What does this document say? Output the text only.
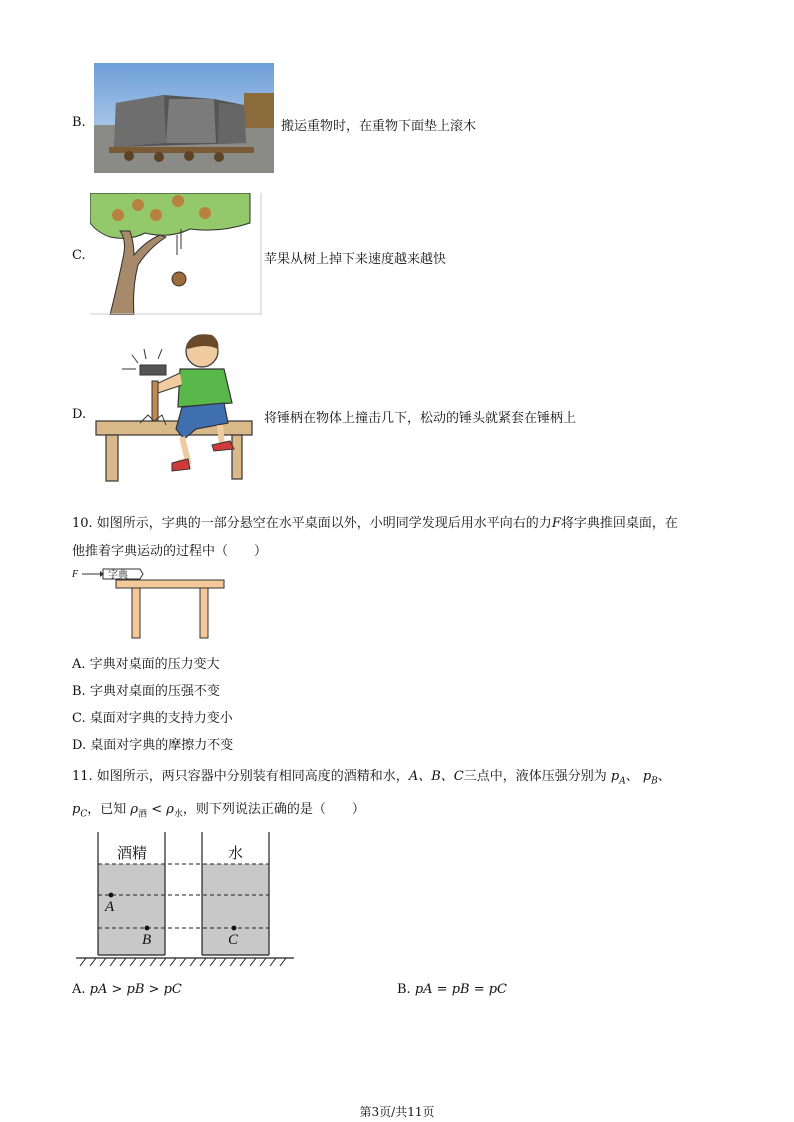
B.	搬运重物时，在重物下面垫上滚木
C.	苹果从树上掉下来速度越来越快
D.	将锤柄在物体上撞击几下，松动的锤头就紧套在锤柄上
10. 如图所示，字典的一部分悬空在水平桌面以外，小明同学发现后用水平向右的力F将字典推回桌面，在
他推着字典运动的过程中（　　）
F	字典
A. 字典对桌面的压力变大
B. 字典对桌面的压强不变
C. 桌面对字典的支持力变小
D. 桌面对字典的摩擦力不变
11. 如图所示，两只容器中分别装有相同高度的酒精和水，A、B、C三点中，液体压强分别为 $p_A$、 $p_B$、
$p_C$，已知 $\rho_酒 < \rho_水$，则下列说法正确的是（　　）
酒精	水
A
B	C
A. pA > pB > pC	B. pA = pB = pC
第3页/共11页
